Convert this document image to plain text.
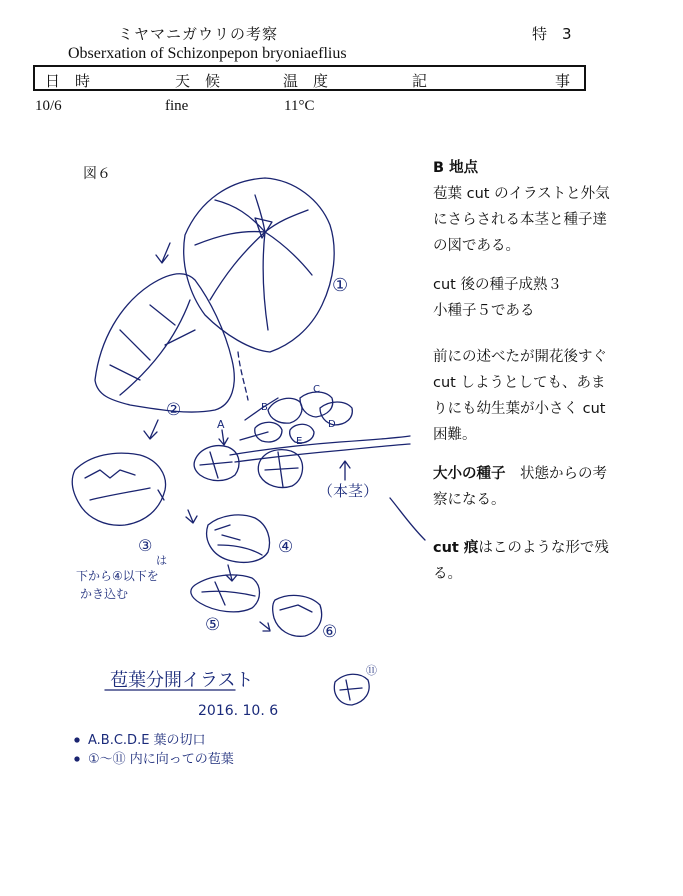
ミヤマニガウリの考察	特　3
Obserxation of Schizonpepon bryoniaeflius
日　時	天　候	温　度	記	事
10/6	fine	11°C
図６
①
②
③
は
④
⑤	⑥
⑪
A
B
C
D
E
（本茎）
下から④以下を
かき込む
苞葉分開イラスト
2016. 10. 6
A.B.C.D.E 葉の切口
①～⑪ 内に向っての苞葉
B 地点
苞葉 cut のイラストと外気
にさらされる本茎と種子達
の図である。
cut 後の種子成熟３
小種子５である
前にの述べたが開花後すぐ
cut しようとしても、あま
りにも幼生葉が小さく cut
困難。
大小の種子　状態からの考
察になる。
cut 痕はこのような形で残
る。
